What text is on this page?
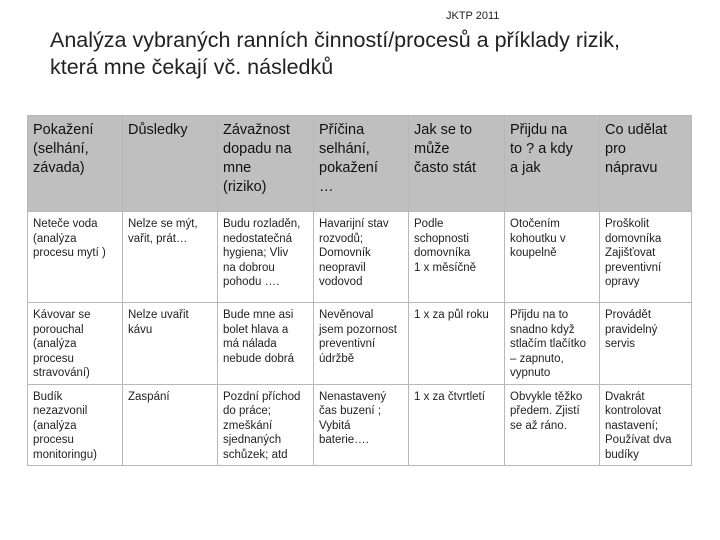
JKTP 2011
Analýza vybraných ranních činností/procesů a příklady rizik, která mne čekají vč. následků
Pokažení
(selhání,
závada)	Důsledky	Závažnost
dopadu na
mne
(riziko)	Příčina
selhání,
pokažení
…	Jak se to
může
často stát	Přijdu na
to ? a kdy
a jak	Co udělat
pro
nápravu
Neteče voda
(analýza
procesu mytí )	Nelze se mýt,
vařit, prát…	Budu rozladěn,
nedostatečná
hygiena; Vliv
na dobrou
pohodu ….	Havarijní stav
rozvodů;
Domovník
neopravil
vodovod	Podle
schopnosti
domovníka
1 x měsíčně	Otočením
kohoutku v
koupelně	Proškolit
domovníka
Zajišťovat
preventivní
opravy
Kávovar se
porouchal
(analýza
procesu
stravování)	Nelze uvařit
kávu	Bude mne asi
bolet hlava a
má nálada
nebude dobrá	Nevěnoval
jsem pozornost
preventivní
údržbě	1 x za půl roku	Přijdu na to
snadno když
stlačím tlačítko
– zapnuto,
vypnuto	Provádět
pravidelný
servis
Budík
nezazvonil
(analýza
procesu
monitoringu)	Zaspání	Pozdní příchod
do práce;
zmeškání
sjednaných
schůzek; atd	Nenastavený
čas buzení ;
Vybitá
baterie….	1 x za čtvrtletí	Obvykle těžko
předem. Zjistí
se až ráno.	Dvakrát
kontrolovat
nastavení;
Používat dva
budíky
